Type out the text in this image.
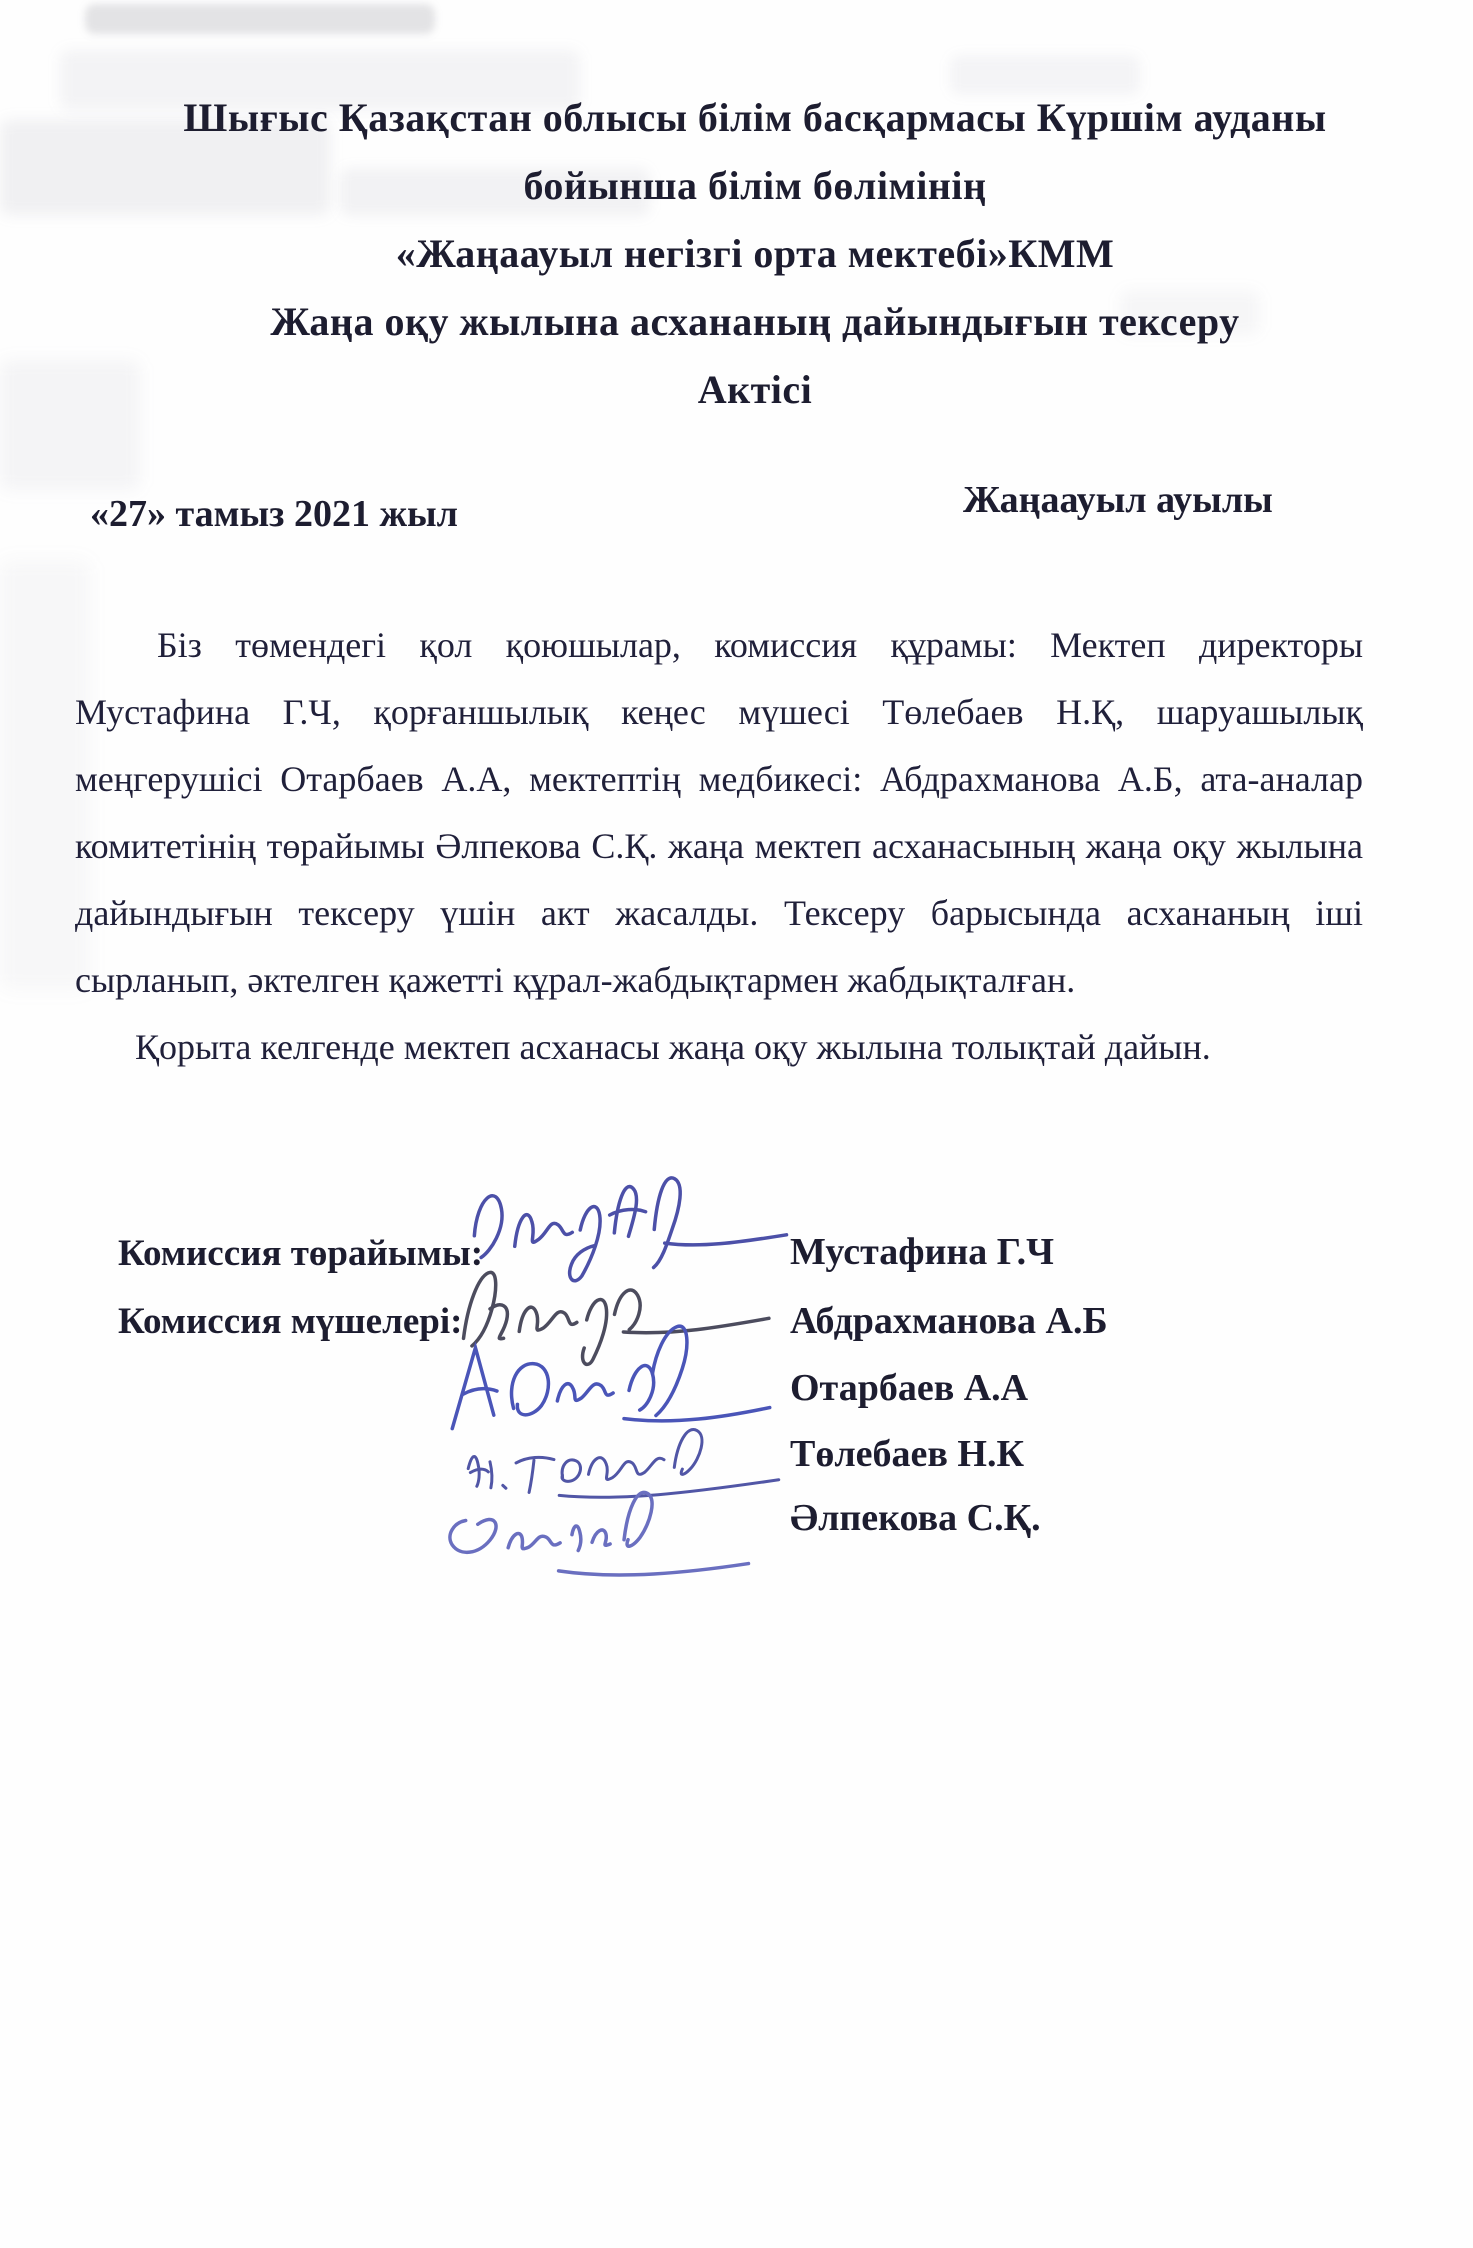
Шығыс Қазақстан облысы білім басқармасы Күршім ауданы
бойынша білім бөлімінің
«Жаңаауыл негізгі орта мектебі»КММ
Жаңа оқу жылына асхананың дайындығын тексеру
Актісі
«27» тамыз 2021 жыл	Жаңаауыл ауылы

Біз төмендегі қол қоюшылар, комиссия құрамы: Мектеп директоры Мустафина Г.Ч, қорғаншылық кеңес мүшесі Төлебаев Н.Қ, шаруашылық меңгерушісі Отарбаев А.А, мектептің медбикесі: Абдрахманова А.Б, ата-аналар комитетінің төрайымы Әлпекова С.Қ. жаңа мектеп асханасының жаңа оқу жылына дайындығын тексеру үшін акт жасалды. Тексеру барысында асхананың іші сырланып, әктелген қажетті құрал-жабдықтармен жабдықталған.

Қорыта келгенде мектеп асханасы жаңа оқу жылына толықтай дайын.

Комиссия төрайымы:
Комиссия мүшелері:
Мустафина Г.Ч
Абдрахманова А.Б
Отарбаев А.А
Төлебаев Н.К
Әлпекова С.Қ.
